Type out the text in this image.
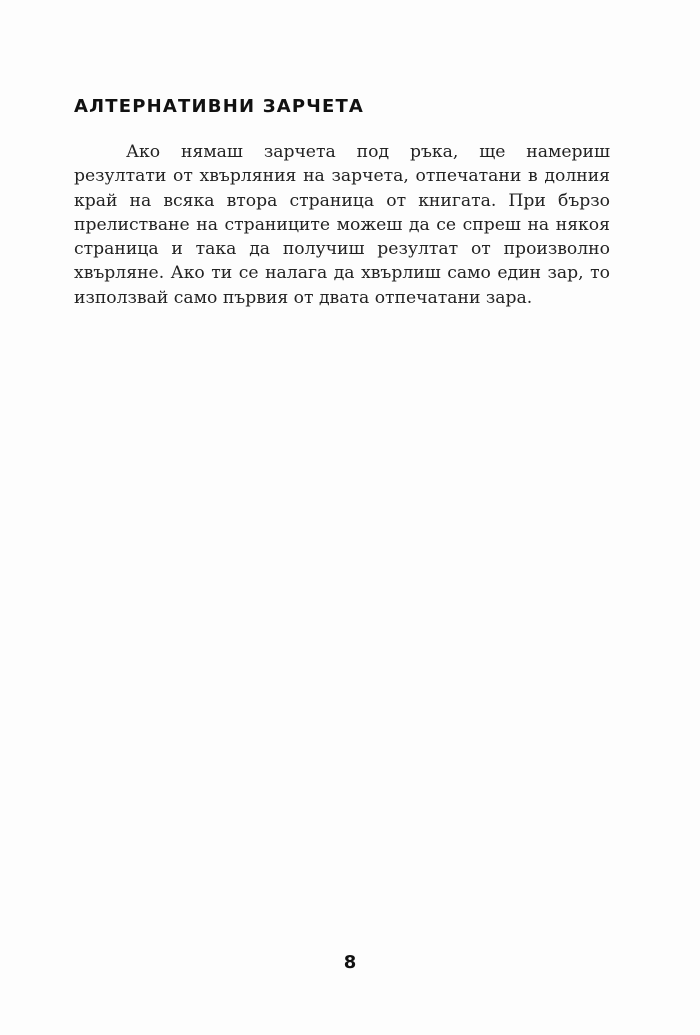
АЛТЕРНАТИВНИ ЗАРЧЕТА

Ако нямаш зарчета под ръка, ще намериш резултати от хвърляния на зарчета, отпечатани в долния край на всяка втора страница от книгата. При бързо прелистване на страниците можеш да се спреш на някоя страница и така да получиш резултат от произволно хвърляне. Ако ти се налага да хвърлиш само един зар, то използвай само първия от двата отпечатани зара.

8
